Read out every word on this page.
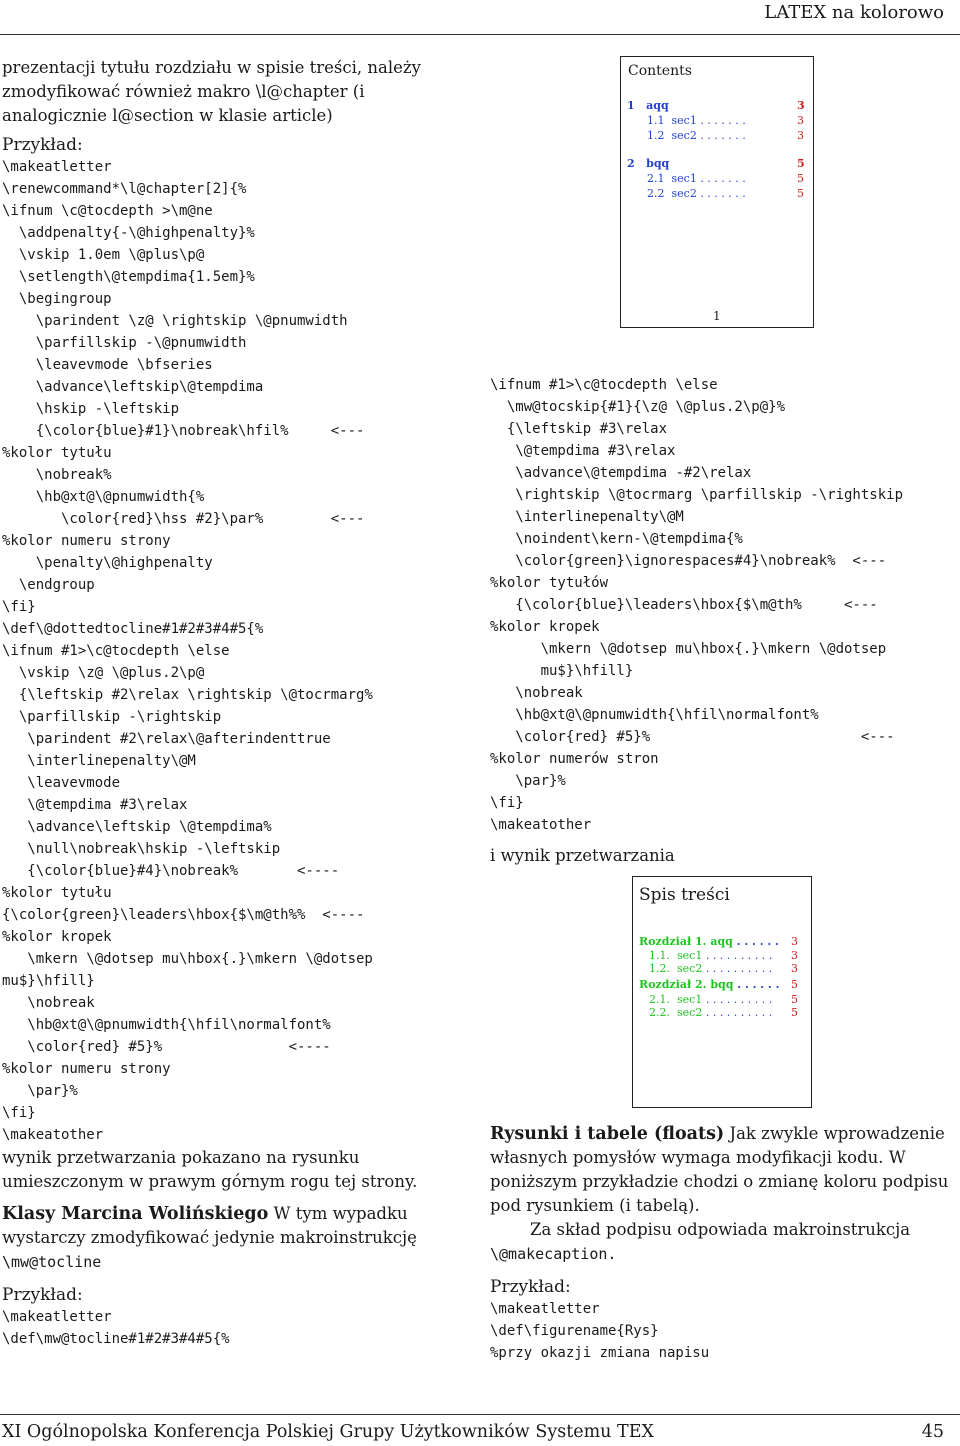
LATEX na kolorowo

prezentacji tytułu rozdziału w spisie treści, należy zmodyfikować również makro \l@chapter (i analogicznie l@section w klasie article)

Przykład:

\makeatletter
\renewcommand*\l@chapter[2]{%
\ifnum \c@tocdepth >\m@ne
\addpenalty{-\@highpenalty}%
\vskip 1.0em \@plus\p@
\setlength\@tempdima{1.5em}%
\begingroup
\parindent \z@ \rightskip \@pnumwidth
\parfillskip -\@pnumwidth
\leavevmode \bfseries
\advance\leftskip\@tempdima
\hskip -\leftskip
{\color{blue}#1}\nobreak\hfil%     <---
%kolor tytułu
\nobreak%
\hb@xt@\@pnumwidth{%
\color{red}\hss #2}\par%        <---
%kolor numeru strony
\penalty\@highpenalty
\endgroup
\fi}
\def\@dottedtocline#1#2#3#4#5{%
\ifnum #1>\c@tocdepth \else
\vskip \z@ \@plus.2\p@
{\leftskip #2\relax \rightskip \@tocrmarg%
\parfillskip -\rightskip
\parindent #2\relax\@afterindenttrue
\interlinepenalty\@M
\leavevmode
\@tempdima #3\relax
\advance\leftskip \@tempdima%
\null\nobreak\hskip -\leftskip
{\color{blue}#4}\nobreak%       <----
%kolor tytułu
{\color{green}\leaders\hbox{$\m@th%%  <----
%kolor kropek
\mkern \@dotsep mu\hbox{.}\mkern \@dotsep
mu$}\hfill}
\nobreak
\hb@xt@\@pnumwidth{\hfil\normalfont%
\color{red} #5}%               <----
%kolor numeru strony
\par}%
\fi}
\makeatother

wynik przetwarzania pokazano na rysunku umieszczonym w prawym górnym rogu tej strony.

Klasy Marcina Wolińskiego W tym wypadku wystarczy zmodyfikować jedynie makroinstrukcję \mw@tocline

Przykład:

\makeatletter
\def\mw@tocline#1#2#3#4#5{%
Contents
1 aqq	3
1.1 sec1 . . . . . . .	3
1.2 sec2 . . . . . . .	3
2 bqq	5
2.1 sec1 . . . . . . .	5
2.2 sec2 . . . . . . .	5
1
\ifnum #1>\c@tocdepth \else
\mw@tocskip{#1}{\z@ \@plus.2\p@}%
{\leftskip #3\relax
\@tempdima #3\relax
\advance\@tempdima -#2\relax
\rightskip \@tocrmarg \parfillskip -\rightskip
\interlinepenalty\@M
\noindent\kern-\@tempdima{%
\color{green}\ignorespaces#4}\nobreak%  <---
%kolor tytułów
{\color{blue}\leaders\hbox{$\m@th%     <---
%kolor kropek
\mkern \@dotsep mu\hbox{.}\mkern \@dotsep
mu$}\hfill}
\nobreak
\hb@xt@\@pnumwidth{\hfil\normalfont%
\color{red} #5}%                         <---
%kolor numerów stron
\par}%
\fi}
\makeatother

i wynik przetwarzania

Spis treści
Rozdział 1. aqq . . . . . . 3
1.1. sec1 . . . . . . . . . . 3
1.2. sec2 . . . . . . . . . . 3
Rozdział 2. bqq . . . . . . 5
2.1. sec1 . . . . . . . . . . 5
2.2. sec2 . . . . . . . . . . 5

Rysunki i tabele (floats) Jak zwykle wprowadzenie własnych pomysłów wymaga modyfikacji kodu. W poniższym przykładzie chodzi o zmianę koloru podpisu pod rysunkiem (i tabelą).

Za skład podpisu odpowiada makroinstrukcja \@makecaption.

Przykład:

\makeatletter
\def\figurename{Rys}
%przy okazji zmiana napisu
XI Ogólnopolska Konferencja Polskiej Grupy Użytkowników Systemu TEX	45
